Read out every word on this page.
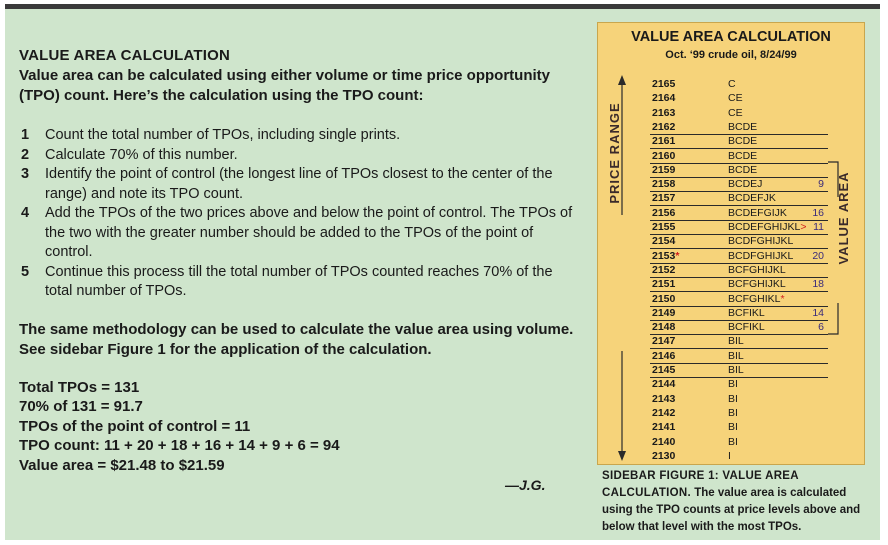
VALUE AREA CALCULATION
Value area can be calculated using either volume or time price opportunity (TPO) count. Here’s the calculation using the TPO count:
1	Count the total number of TPOs, including single prints.
2	Calculate 70% of this number.
3	Identify the point of control (the longest line of TPOs closest to the center of the range) and note its TPO count.
4	Add the TPOs of the two prices above and below the point of control. The TPOs of the two with the greater number should be added to the TPOs of the point of control.
5	Continue this process till the total number of TPOs counted reaches 70% of the total number of TPOs.
The same methodology can be used to calculate the value area using volume. See sidebar Figure 1 for the application of the calculation.
Total TPOs = 131
70% of 131 = 91.7
TPOs of the point of control = 11
TPO count: 11 + 20 + 18 + 16 + 14 + 9 + 6 = 94
Value area = $21.48 to $21.59
—J.G.
VALUE AREA CALCULATION
Oct. ‘99 crude oil, 8/24/99
PRICE RANGE
VALUE AREA
2165	C
2164	CE
2163	CE
2162	BCDE
2161	BCDE
2160	BCDE
2159	BCDE
2158	BCDEJ	9
2157	BCDEFJK
2156	BCDEFGIJK	16
2155	BCDEFGHIJKL> 11
2154	BCDFGHIJKL
2153*	BCDFGHIJKL	20
2152	BCFGHIJKL
2151	BCFGHIJKL	18
2150	BCFGHIKL*
2149	BCFIKL	14
2148	BCFIKL	6
2147	BIL
2146	BIL
2145	BIL
2144	BI
2143	BI
2142	BI
2141	BI
2140	BI
2130	I
SIDEBAR FIGURE 1: VALUE AREA CALCULATION. The value area is calculated using the TPO counts at price levels above and below that level with the most TPOs.
